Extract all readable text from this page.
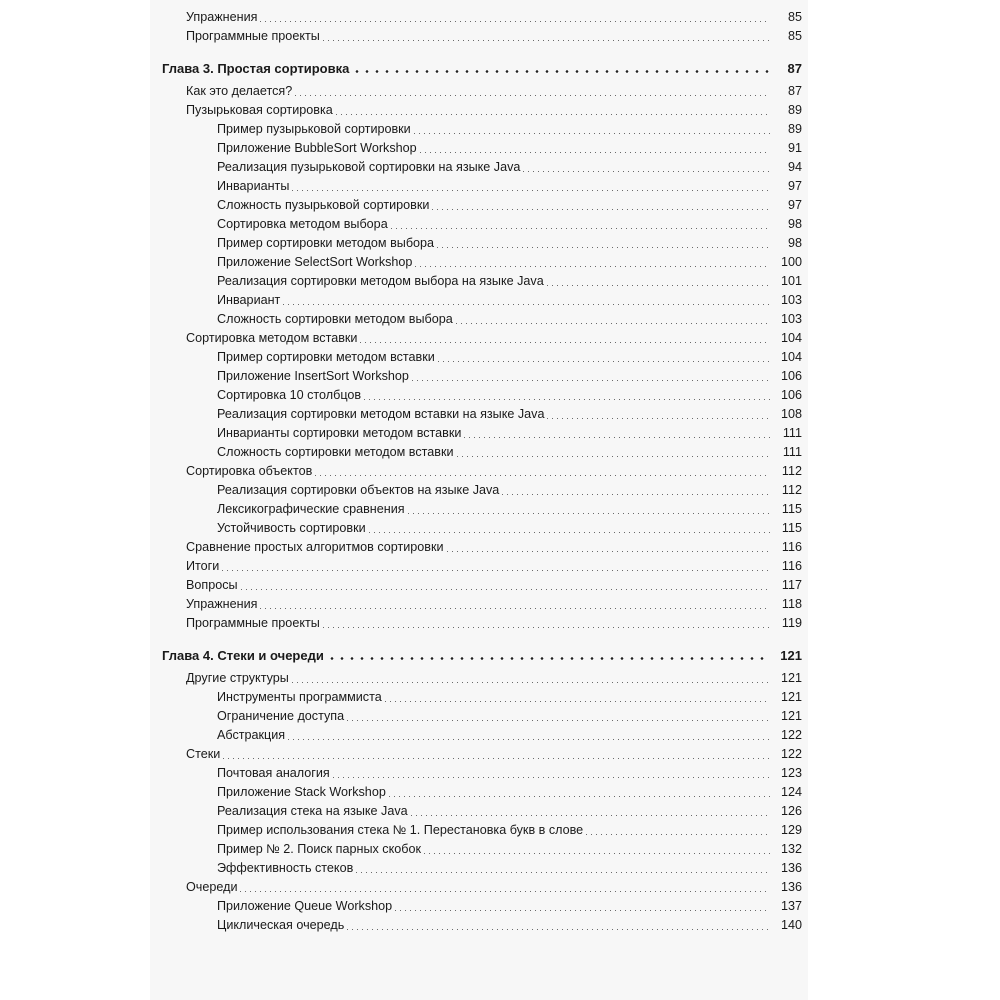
Упражнения	85
Программные проекты	85
Глава 3. Простая сортировка	87
Как это делается?	87
Пузырьковая сортировка	89
Пример пузырьковой сортировки	89
Приложение BubbleSort Workshop	91
Реализация пузырьковой сортировки на языке Java	94
Инварианты	97
Сложность пузырьковой сортировки	97
Сортировка методом выбора	98
Пример сортировки методом выбора	98
Приложение SelectSort Workshop	100
Реализация сортировки методом выбора на языке Java	101
Инвариант	103
Сложность сортировки методом выбора	103
Сортировка методом вставки	104
Пример сортировки методом вставки	104
Приложение InsertSort Workshop	106
Сортировка 10 столбцов	106
Реализация сортировки методом вставки на языке Java	108
Инварианты сортировки методом вставки	111
Сложность сортировки методом вставки	111
Сортировка объектов	112
Реализация сортировки объектов на языке Java	112
Лексикографические сравнения	115
Устойчивость сортировки	115
Сравнение простых алгоритмов сортировки	116
Итоги	116
Вопросы	117
Упражнения	118
Программные проекты	119
Глава 4. Стеки и очереди	121
Другие структуры	121
Инструменты программиста	121
Ограничение доступа	121
Абстракция	122
Стеки	122
Почтовая аналогия	123
Приложение Stack Workshop	124
Реализация стека на языке Java	126
Пример использования стека № 1. Перестановка букв в слове	129
Пример № 2. Поиск парных скобок	132
Эффективность стеков	136
Очереди	136
Приложение Queue Workshop	137
Циклическая очередь	140
